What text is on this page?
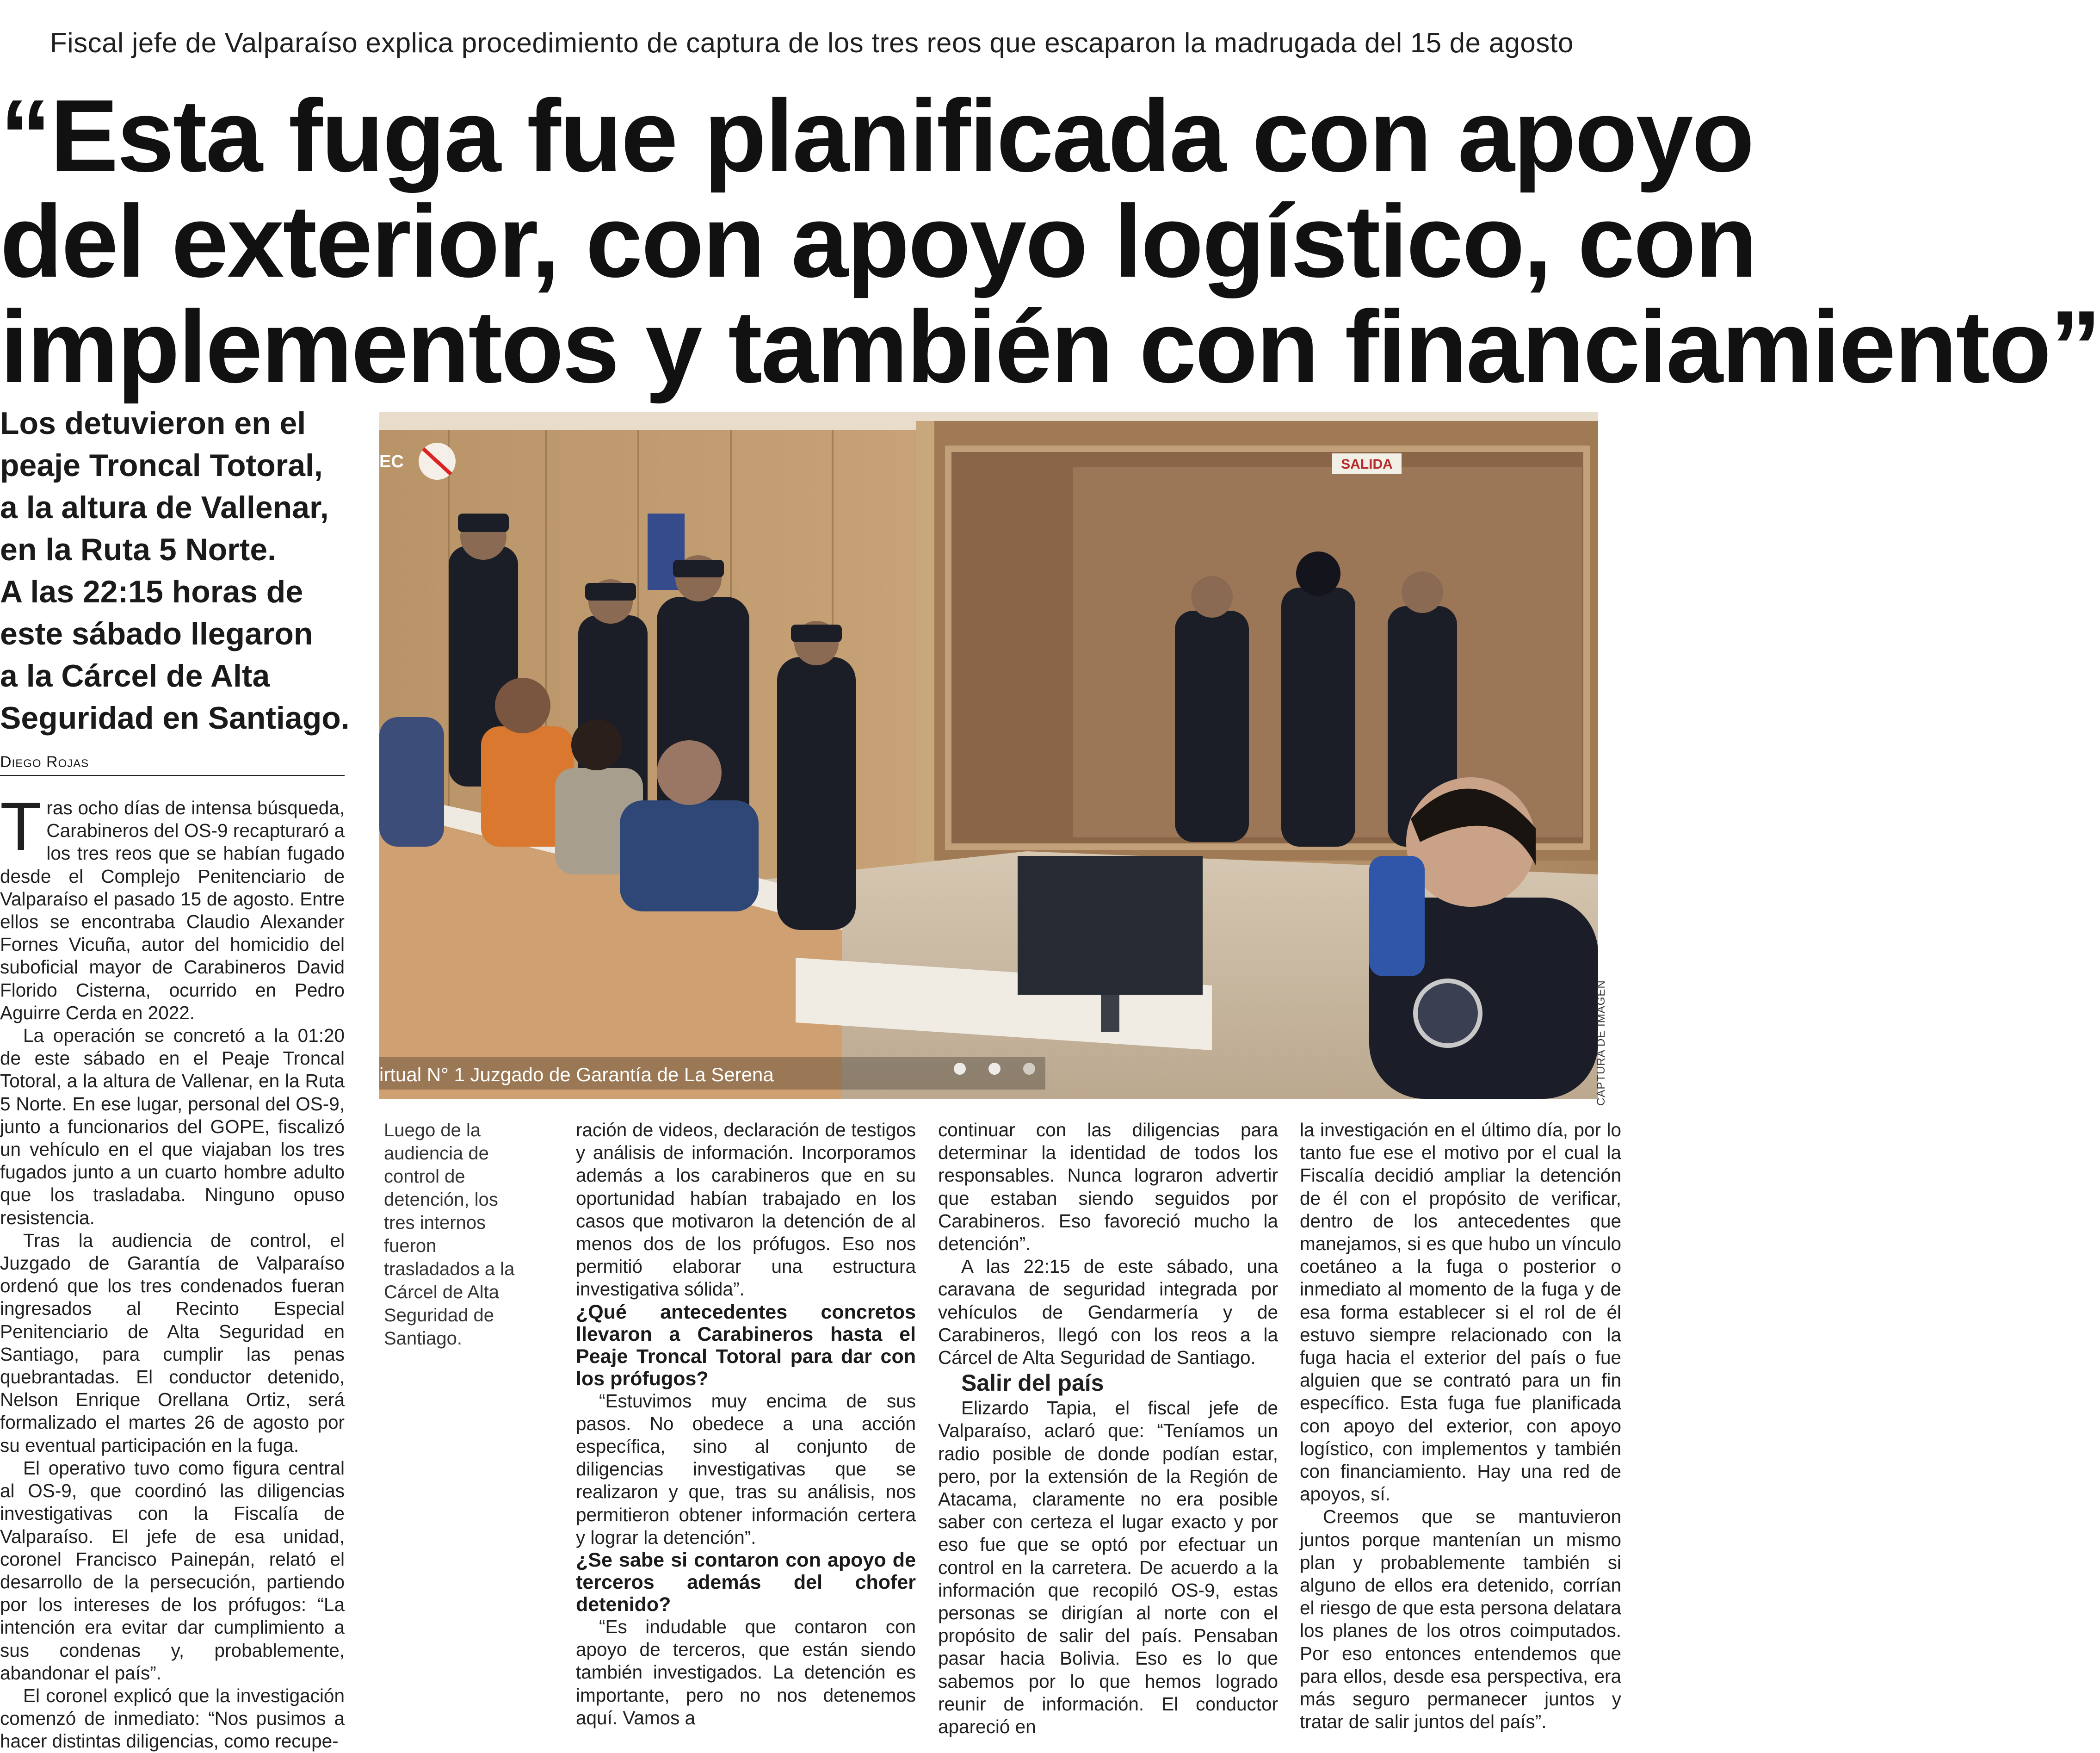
Fiscal jefe de Valparaíso explica procedimiento de captura de los tres reos que escaparon la madrugada del 15 de agosto
“Esta fuga fue planificada con apoyo
del exterior, con apoyo logístico, con
implementos y también con financiamiento”
Los detuvieron en el
peaje Troncal Totoral,
a la altura de Vallenar,
en la Ruta 5 Norte.
A las 22:15 horas de
este sábado llegaron
a la Cárcel de Alta
Seguridad en Santiago.
Diego Rojas
SALIDA
EC
irtual N° 1 Juzgado de Garantía de La Serena	CAPTURA DE IMAGEN
Luego de la audiencia de control de detención, los tres internos fueron trasladados a la Cárcel de Alta Seguridad de Santiago.

Tras ocho días de intensa búsqueda, Carabineros del OS-9 recapturaró a los tres reos que se habían fugado desde el Complejo Penitenciario de Valparaíso el pasado 15 de agosto. Entre ellos se encontraba Claudio Alexander Fornes Vicuña, autor del homicidio del suboficial mayor de Carabineros David Florido Cisterna, ocurrido en Pedro Aguirre Cerda en 2022.

La operación se concretó a la 01:20 de este sábado en el Peaje Troncal Totoral, a la altura de Vallenar, en la Ruta 5 Norte. En ese lugar, personal del OS-9, junto a funcionarios del GOPE, fiscalizó un vehículo en el que viajaban los tres fugados junto a un cuarto hombre adulto que los trasladaba. Ninguno opuso resistencia.

Tras la audiencia de control, el Juzgado de Garantía de Valparaíso ordenó que los tres condenados fueran ingresados al Recinto Especial Penitenciario de Alta Seguridad en Santiago, para cumplir las penas quebrantadas. El conductor detenido, Nelson Enrique Orellana Ortiz, será formalizado el martes 26 de agosto por su eventual participación en la fuga.

El operativo tuvo como figura central al OS-9, que coordinó las diligencias investigativas con la Fiscalía de Valparaíso. El jefe de esa unidad, coronel Francisco Painepán, relató el desarrollo de la persecución, partiendo por los intereses de los prófugos: “La intención era evitar dar cumplimiento a sus condenas y, probablemente, abandonar el país”.

El coronel explicó que la investigación comenzó de inmediato: “Nos pusimos a hacer distintas diligencias, como recupe-

ración de videos, declaración de testigos y análisis de información. Incorporamos además a los carabineros que en su oportunidad habían trabajado en los casos que motivaron la detención de al menos dos de los prófugos. Eso nos permitió elaborar una estructura investigativa sólida”.

¿Qué antecedentes concretos llevaron a Carabineros hasta el Peaje Troncal Totoral para dar con los prófugos?

“Estuvimos muy encima de sus pasos. No obedece a una acción específica, sino al conjunto de diligencias investigativas que se realizaron y que, tras su análisis, nos permitieron obtener información certera y lograr la detención”.

¿Se sabe si contaron con apoyo de terceros además del chofer detenido?

“Es indudable que contaron con apoyo de terceros, que están siendo también investigados. La detención es importante, pero no nos detenemos aquí. Vamos a

continuar con las diligencias para determinar la identidad de todos los responsables. Nunca lograron advertir que estaban siendo seguidos por Carabineros. Eso favoreció mucho la detención”.

A las 22:15 de este sábado, una caravana de seguridad integrada por vehículos de Gendarmería y de Carabineros, llegó con los reos a la Cárcel de Alta Seguridad de Santiago.

Salir del país

Elizardo Tapia, el fiscal jefe de Valparaíso, aclaró que: “Teníamos un radio posible de donde podían estar, pero, por la extensión de la Región de Atacama, claramente no era posible saber con certeza el lugar exacto y por eso fue que se optó por efectuar un control en la carretera. De acuerdo a la información que recopiló OS-9, estas personas se dirigían al norte con el propósito de salir del país. Pensaban pasar hacia Bolivia. Eso es lo que sabemos por lo que hemos logrado reunir de información. El conductor apareció en

la investigación en el último día, por lo tanto fue ese el motivo por el cual la Fiscalía decidió ampliar la detención de él con el propósito de verificar, dentro de los antecedentes que manejamos, si es que hubo un vínculo coetáneo a la fuga o posterior o inmediato al momento de la fuga y de esa forma establecer si el rol de él estuvo siempre relacionado con la fuga hacia el exterior del país o fue alguien que se contrató para un fin específico. Esta fuga fue planificada con apoyo del exterior, con apoyo logístico, con implementos y también con financiamiento. Hay una red de apoyos, sí.

Creemos que se mantuvieron juntos porque mantenían un mismo plan y probablemente también si alguno de ellos era detenido, corrían el riesgo de que esta persona delatara los planes de los otros coimputados. Por eso entonces entendemos que para ellos, desde esa perspectiva, era más seguro permanecer juntos y tratar de salir juntos del país”.
